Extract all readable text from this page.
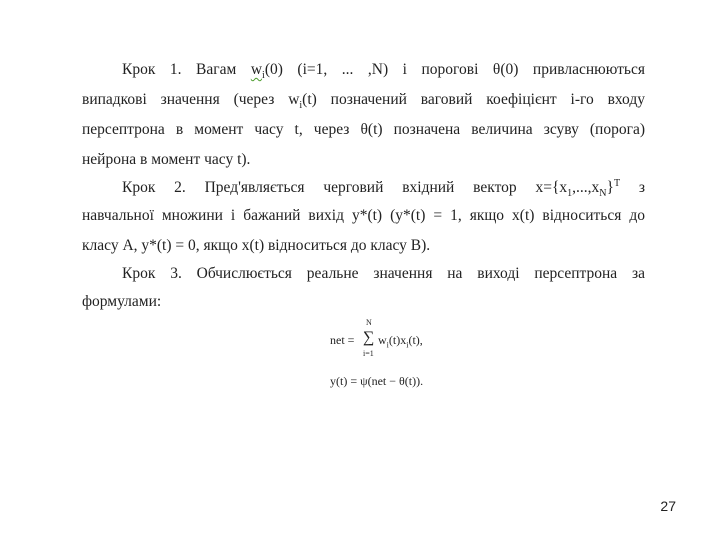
Крок 1. Вагам $w_i(0)$ (i=1, ... ,N) і порогові θ(0) привласнюються
випадкові значення (через $w_i(t)$ позначений ваговий коефіцієнт i-го входу
персептрона в момент часу t, через θ(t) позначена величина зсуву (порога)
нейрона в момент часу t).
Крок 2. Пред'являється черговий вхідний вектор $x=\{x_1,...,x_N\}^T$ з
навчальної множини і бажаний вихід y*(t) (y*(t) = 1, якщо x(t) відноситься до
класу А, y*(t) = 0, якщо x(t) відноситься до класу В).
Крок 3. Обчислюється реальне значення на виході персептрона за
формулами:
N
net = ∑ $w_i(t)x_i(t)$,
i=1
y(t) = ψ(net − θ(t)).
27
